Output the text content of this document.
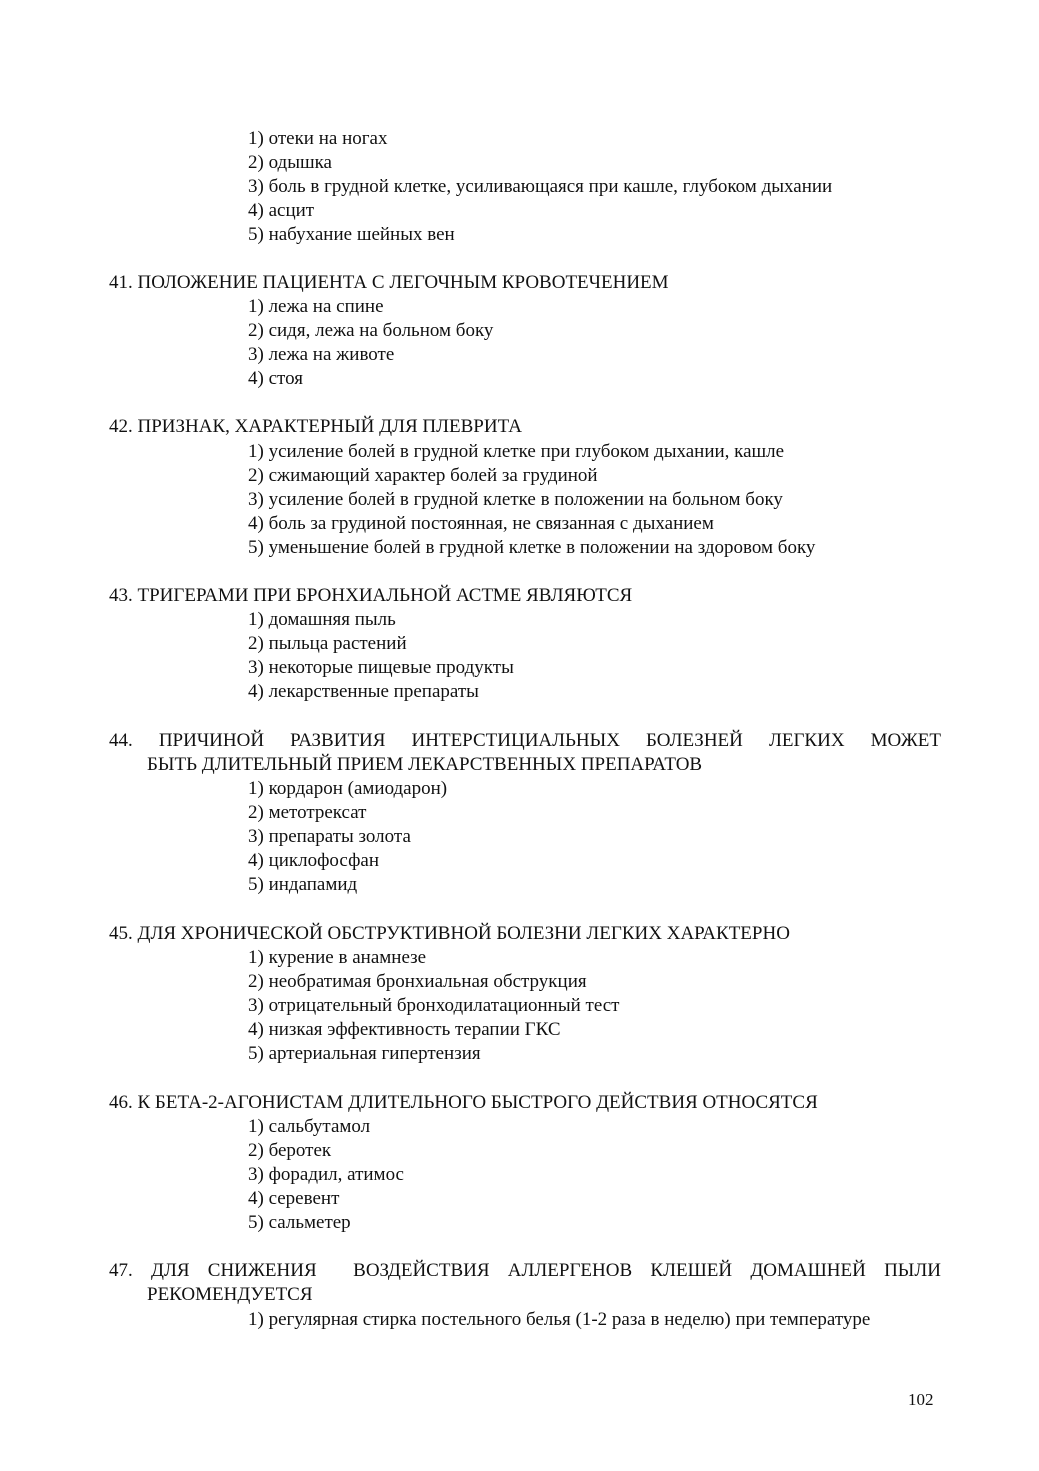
1) отеки на ногах
2) одышка
3) боль в грудной клетке, усиливающаяся при кашле, глубоком дыхании
4) асцит
5) набухание шейных вен
41. ПОЛОЖЕНИЕ ПАЦИЕНТА С ЛЕГОЧНЫМ КРОВОТЕЧЕНИЕМ
1) лежа на спине
2) сидя, лежа на больном боку
3) лежа на животе
4) стоя
42. ПРИЗНАК, ХАРАКТЕРНЫЙ ДЛЯ ПЛЕВРИТА
1) усиление болей в грудной клетке при глубоком дыхании, кашле
2) сжимающий характер болей за грудиной
3) усиление болей в грудной клетке в положении на больном боку
4) боль за грудиной постоянная, не связанная с дыханием
5) уменьшение болей в грудной клетке в положении на здоровом боку
43. ТРИГЕРАМИ ПРИ БРОНХИАЛЬНОЙ АСТМЕ ЯВЛЯЮТСЯ
1) домашняя пыль
2) пыльца растений
3) некоторые пищевые продукты
4) лекарственные препараты
44. ПРИЧИНОЙ РАЗВИТИЯ ИНТЕРСТИЦИАЛЬНЫХ БОЛЕЗНЕЙ ЛЕГКИХ МОЖЕТ
БЫТЬ ДЛИТЕЛЬНЫЙ ПРИЕМ ЛЕКАРСТВЕННЫХ ПРЕПАРАТОВ
1) кордарон (амиодарон)
2) метотрексат
3) препараты золота
4) циклофосфан
5) индапамид
45. ДЛЯ ХРОНИЧЕСКОЙ ОБСТРУКТИВНОЙ БОЛЕЗНИ ЛЕГКИХ ХАРАКТЕРНО
1) курение в анамнезе
2) необратимая бронхиальная обструкция
3) отрицательный бронходилатационный тест
4) низкая эффективность терапии ГКС
5) артериальная гипертензия
46. К БЕТА-2-АГОНИСТАМ ДЛИТЕЛЬНОГО БЫСТРОГО ДЕЙСТВИЯ ОТНОСЯТСЯ
1) сальбутамол
2) беротек
3) форадил, атимос
4) серевент
5) сальметер
47. ДЛЯ СНИЖЕНИЯ  ВОЗДЕЙСТВИЯ АЛЛЕРГЕНОВ КЛЕШЕЙ ДОМАШНЕЙ ПЫЛИ
РЕКОМЕНДУЕТСЯ
1) регулярная стирка постельного белья (1-2 раза в неделю) при температуре
102
